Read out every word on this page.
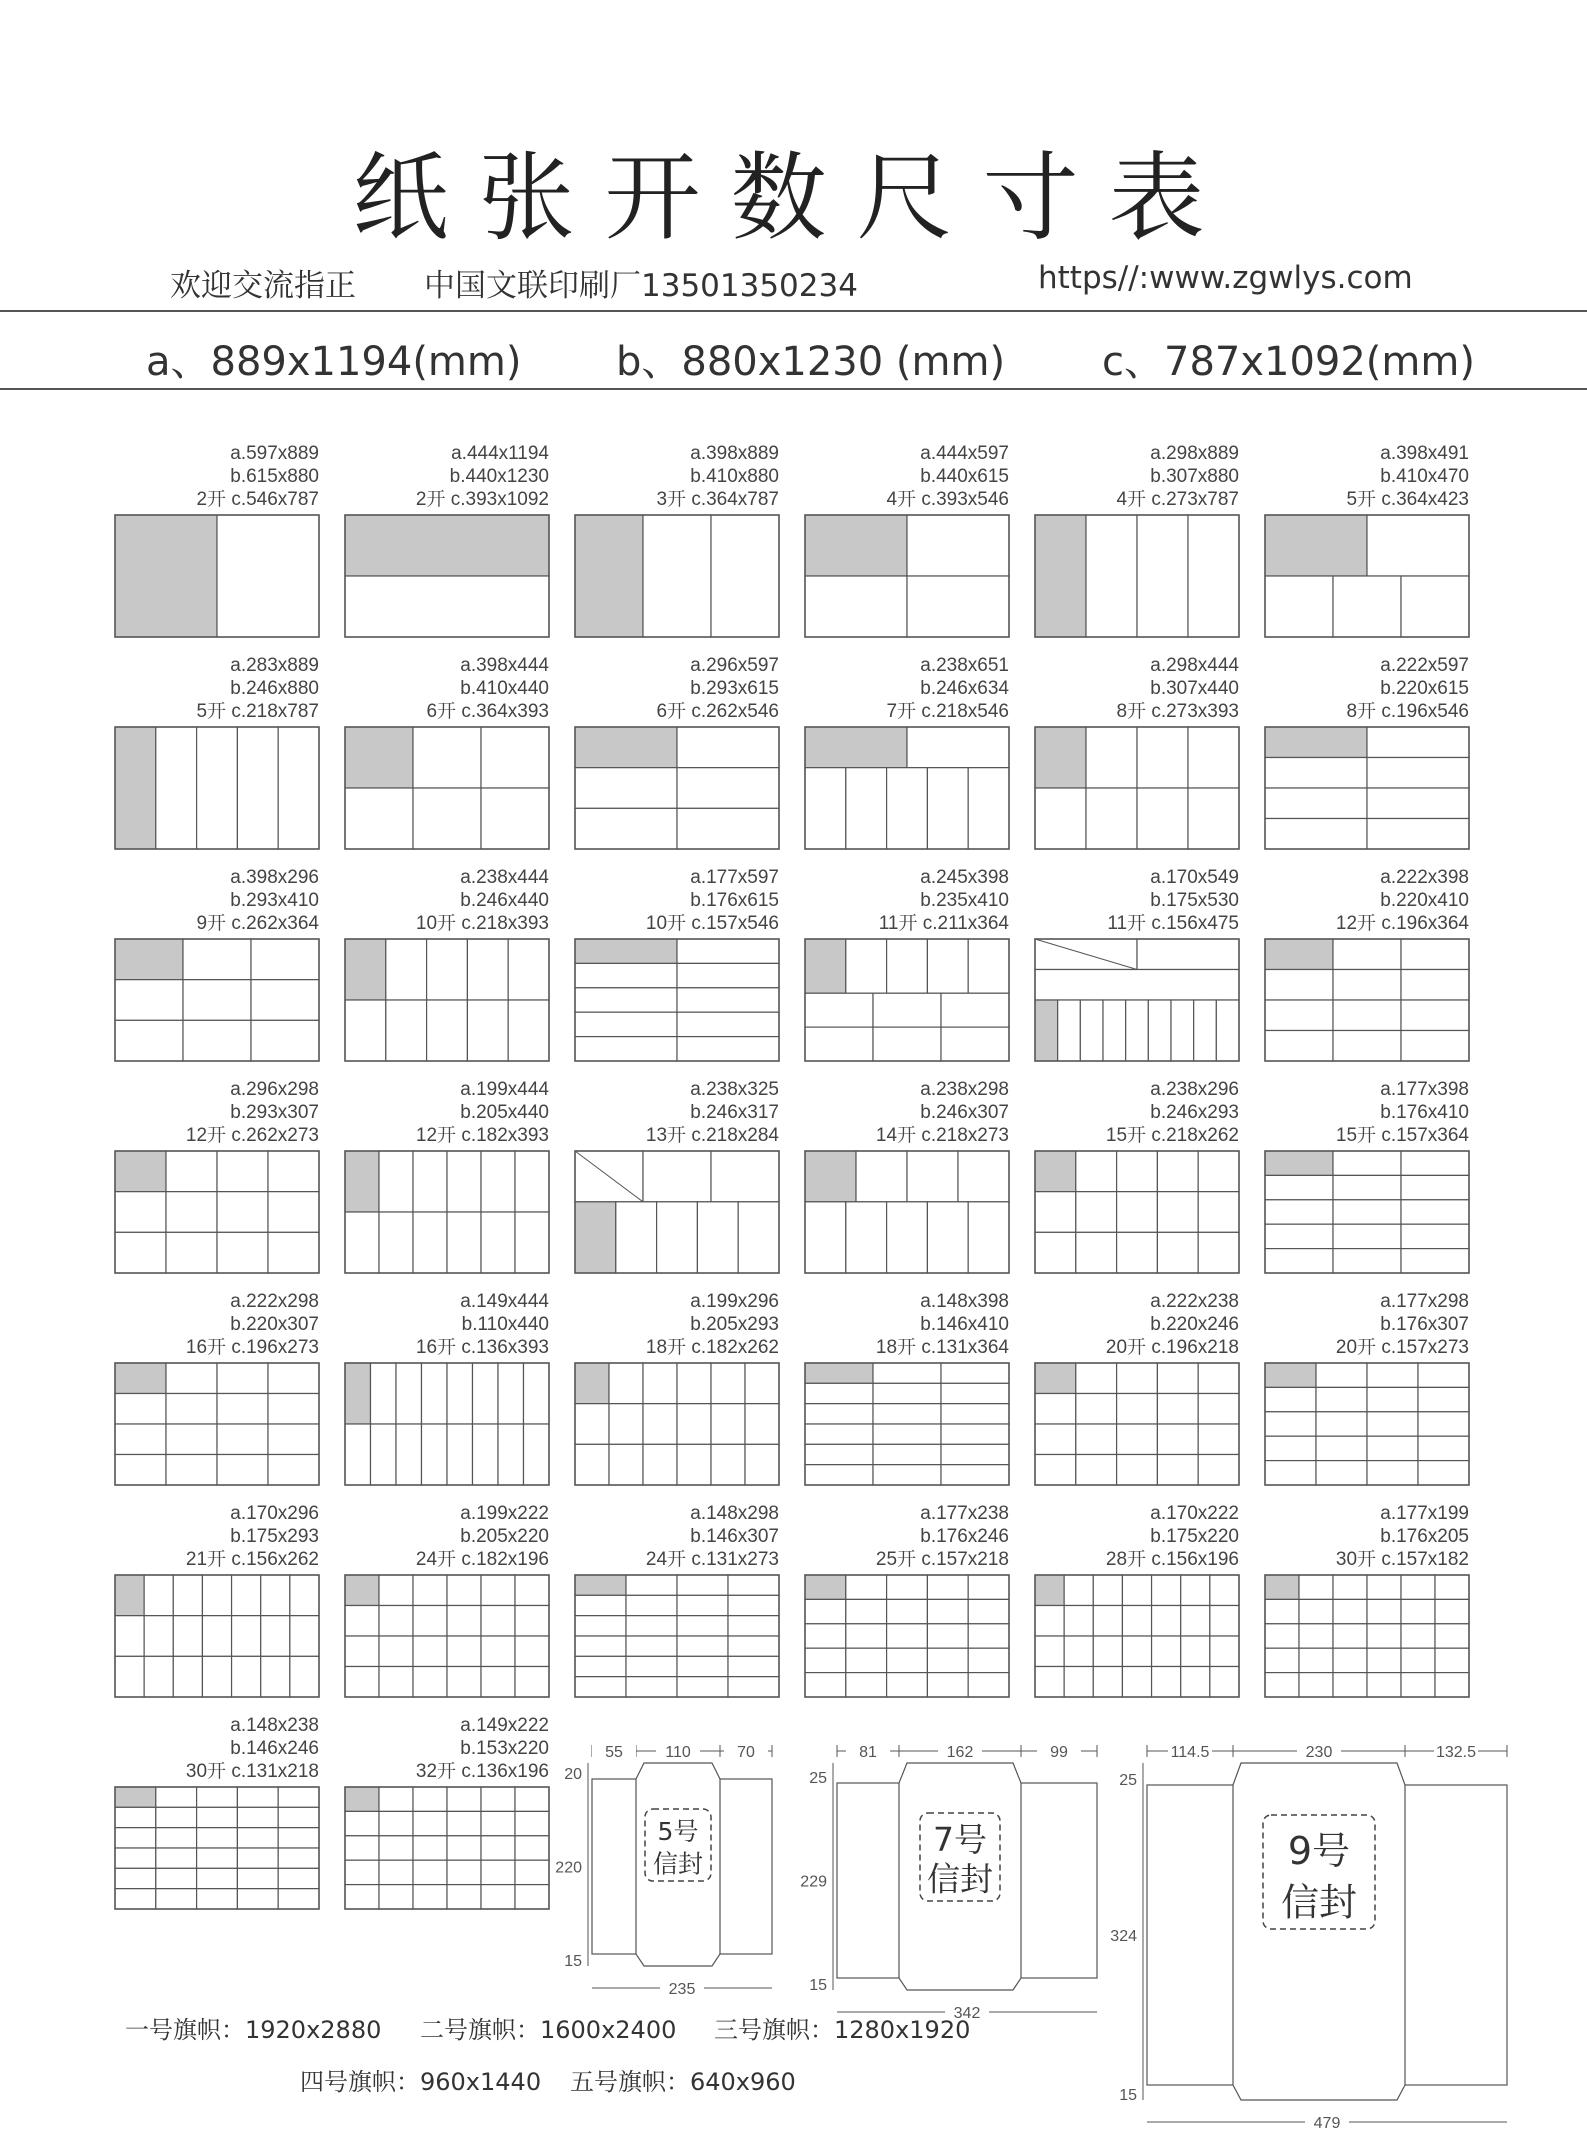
纸张开数尺寸表
欢迎交流指正 中国文联印刷厂13501350234	https//:www.zgwlys.com
a、889x1194(mm) b、880x1230 (mm) c、787x1092(mm)
a.597x889
b.615x880
2开 c.546x787
a.444x1194
b.440x1230
2开 c.393x1092
a.398x889
b.410x880
3开 c.364x787
a.444x597
b.440x615
4开 c.393x546
a.298x889
b.307x880
4开 c.273x787
a.398x491
b.410x470
5开 c.364x423
a.283x889
b.246x880
5开 c.218x787
a.398x444
b.410x440
6开 c.364x393
a.296x597
b.293x615
6开 c.262x546
a.238x651
b.246x634
7开 c.218x546
a.298x444
b.307x440
8开 c.273x393
a.222x597
b.220x615
8开 c.196x546
a.398x296
b.293x410
9开 c.262x364
a.238x444
b.246x440
10开 c.218x393
a.177x597
b.176x615
10开 c.157x546
a.245x398
b.235x410
11开 c.211x364
a.170x549
b.175x530
11开 c.156x475
a.222x398
b.220x410
12开 c.196x364
a.296x298
b.293x307
12开 c.262x273
a.199x444
b.205x440
12开 c.182x393
a.238x325
b.246x317
13开 c.218x284
a.238x298
b.246x307
14开 c.218x273
a.238x296
b.246x293
15开 c.218x262
a.177x398
b.176x410
15开 c.157x364
a.222x298
b.220x307
16开 c.196x273
a.149x444
b.110x440
16开 c.136x393
a.199x296
b.205x293
18开 c.182x262
a.148x398
b.146x410
18开 c.131x364
a.222x238
b.220x246
20开 c.196x218
a.177x298
b.176x307
20开 c.157x273
a.170x296
b.175x293
21开 c.156x262
a.199x222
b.205x220
24开 c.182x196
a.148x298
b.146x307
24开 c.131x273
a.177x238
b.176x246
25开 c.157x218
a.170x222
b.175x220
28开 c.156x196
a.177x199
b.176x205
30开 c.157x182
a.148x238
b.146x246
30开 c.131x218
a.149x222
b.153x220
32开 c.136x196
5号
信封
55	110	70
20
220
15
235
7号
信封
81	162	99
25
229
15
342
9号
信封
114.5	230	132.5
25
324
15
479
一号旗帜：1920x2880 二号旗帜：1600x2400 三号旗帜：1280x1920
四号旗帜：960x1440 五号旗帜：640x960
